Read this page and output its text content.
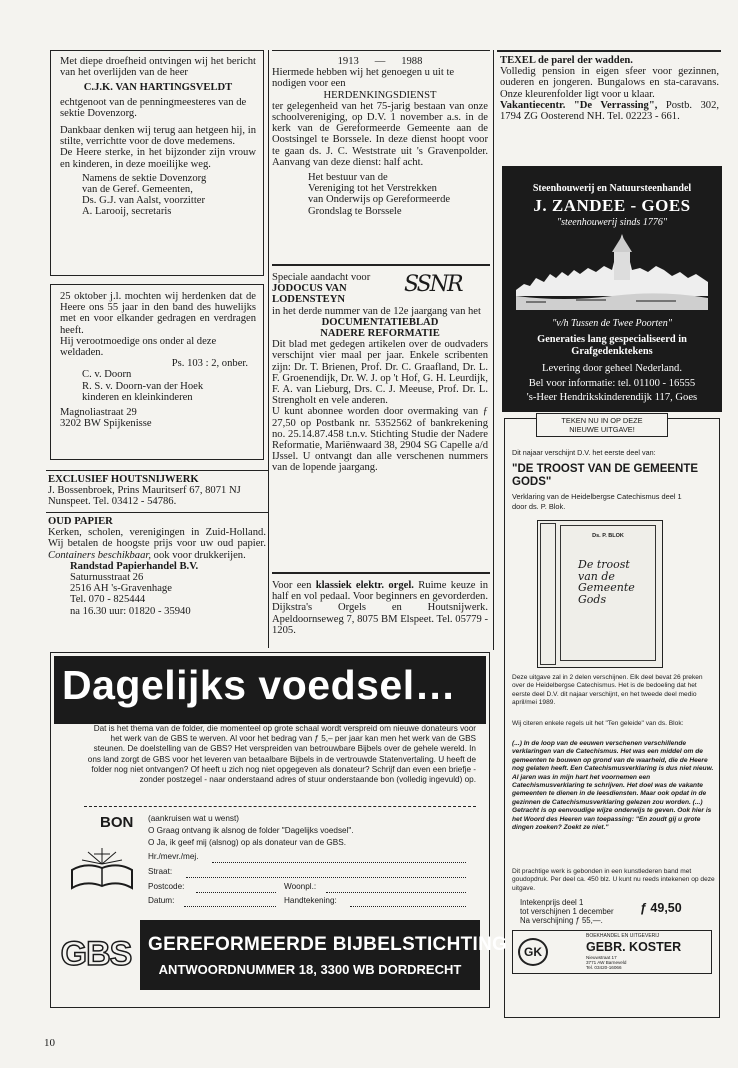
Met diepe droefheid ontvingen wij het bericht van het overlijden van de heer

C.J.K. VAN HARTINGSVELDT

echtgenoot van de penningmeesteres van de sektie Dovenzorg.

Dankbaar denken wij terug aan hetgeen hij, in stilte, verrichtte voor de dove medemens.

De Heere sterke, in het bijzonder zijn vrouw en kinderen, in deze moeilijke weg.

Namens de sektie Dovenzorg

van de Geref. Gemeenten,

Ds. G.J. van Aalst, voorzitter

A. Larooij, secretaris

25 oktober j.l. mochten wij herdenken dat de Heere ons 55 jaar in den band des huwelijks met en voor elkander gedragen en verdragen heeft.

Hij verootmoedige ons onder al deze weldaden.

Ps. 103 : 2, onber.

C. v. Doorn

R. S. v. Doorn-van der Hoek

kinderen en kleinkinderen

Magnoliastraat 29

3202 BW Spijkenisse

EXCLUSIEF HOUTSNIJWERK

J. Bossenbroek, Prins Mauritserf 67, 8071 NJ Nunspeet. Tel. 03412 - 54786.

OUD PAPIER

Kerken, scholen, verenigingen in Zuid-Holland. Wij betalen de hoogste prijs voor uw oud papier. Containers beschikbaar, ook voor drukkerijen.

Randstad Papierhandel B.V.

Saturnusstraat 26

2516 AH 's-Gravenhage

Tel. 070 - 825444

na 16.30 uur: 01820 - 35940

1913 — 1988

Hiermede hebben wij het genoegen u uit te nodigen voor een

HERDENKINGSDIENST

ter gelegenheid van het 75-jarig bestaan van onze schoolvereniging, op D.V. 1 november a.s. in de kerk van de Gereformeerde Gemeente aan de Oostsingel te Borssele. In deze dienst hoopt voor te gaan ds. J. C. Weststrate uit 's Gravenpolder. Aanvang van deze dienst: half acht.

Het bestuur van de

Vereniging tot het Verstrekken

van Onderwijs op Gereformeerde

Grondslag te Borssele

Speciale aandacht voor

JODOCUS VAN

LODENSTEYN

in het derde nummer van de 12e jaargang van het

DOCUMENTATIEBLAD

NADERE REFORMATIE

Dit blad met gedegen artikelen over de oudvaders verschijnt vier maal per jaar. Enkele scribenten zijn: Dr. T. Brienen, Prof. Dr. C. Graafland, Dr. L. F. Groenendijk, Dr. W. J. op 't Hof, G. H. Leurdijk, F. A. van Lieburg, Drs. C. J. Meeuse, Prof. Dr. L. Strengholt en vele anderen.

U kunt abonnee worden door overmaking van ƒ 27,50 op Postbank nr. 5352562 of bankrekening no. 25.14.87.458 t.n.v. Stichting Studie der Nadere Reformatie, Mariënwaard 38, 2904 SG Capelle a/d IJssel. U ontvangt dan alle verschenen nummers van de lopende jaargang.

SSNR
Voor een klassiek elektr. orgel. Ruime keuze in half en vol pedaal. Voor beginners en gevorderden. Dijkstra's Orgels en Houtsnijwerk. Apeldoornseweg 7, 8075 BM Elspeet. Tel. 05779 - 1205.

TEXEL de parel der wadden.

Volledig pension in eigen sfeer voor gezinnen, ouderen en jongeren. Bungalows en sta-caravans. Onze kleurenfolder ligt voor u klaar.

Vakantiecentr. "De Verrassing", Postb. 302, 1794 ZG Oosterend NH. Tel. 02223 - 661.

Steenhouwerij en Natuursteenhandel
J. ZANDEE - GOES
"steenhouwerij sinds 1776"
"v/h Tussen de Twee Poorten"
Generaties lang gespecialiseerd in
Grafgedenktekens
Levering door geheel Nederland.
Bel voor informatie: tel. 01100 - 16555
's-Heer Hendrikskinderendijk 117, Goes
TEKEN NU IN OP DEZE
NIEUWE UITGAVE!
Dit najaar verschijnt D.V. het eerste deel van:
"DE TROOST VAN DE GEMEENTE GODS"
Verklaring van de Heidelbergse Catechismus deel 1 door ds. P. Blok.
Ds. P. BLOK
De troost van de Gemeente Gods
Deze uitgave zal in 2 delen verschijnen. Elk deel bevat 26 preken over de Heidelbergse Catechismus. Het is de bedoeling dat het eerste deel D.V. dit najaar verschijnt, en het tweede deel medio april/mei 1989.
Wij citeren enkele regels uit het "Ten geleide" van ds. Blok:
(...) In de loop van de eeuwen verschenen verschillende verklaringen van de Catechismus. Het was een middel om de gemeenten te bouwen op grond van de waarheid, die de Heere nog gelaten heeft. Een Catechismusverklaring is dus niet nieuw. Al jaren was in mijn hart het voornemen een Catechismusverklaring te schrijven. Het doel was de vakante gemeenten te dienen in de leesdiensten. Maar ook opdat in de gezinnen de Catechismusverklaring gelezen zou worden. (...) Getracht is op eenvoudige wijze onderwijs te geven. Ook hier is het Woord des Heeren van toepassing: "En zoudt gij u grote dingen zoeken? Zoekt ze niet."
Dit prachtige werk is gebonden in een kunstlederen band met goudopdruk. Per deel ca. 450 blz. U kunt nu reeds intekenen op deze uitgave.
Intekenprijs deel 1
tot verschijnen 1 december ƒ 49,50
Na verschijning ƒ 55,—.
GK
BOEKHANDEL EN UITGEVERIJ
GEBR. KOSTER
Nieuwstraat 17
3771 AW Barneveld
Tel. 03420-16066
Dagelijks voedsel…
Dat is het thema van de folder, die momenteel op grote schaal wordt verspreid om nieuwe donateurs voor het werk van de GBS te werven. Al voor het bedrag van ƒ 5,– per jaar kan men het werk van de GBS steunen. De doelstelling van de GBS? Het verspreiden van betrouwbare Bijbels over de gehele wereld. In ons land zorgt de GBS voor het leveren van betaalbare Bijbels in de vertrouwde Statenvertaling. U heeft de folder nog niet ontvangen? Of heeft u zich nog niet opgegeven als donateur? Schrijf dan even een briefje - zonder postzegel - naar onderstaand adres of stuur onderstaande bon (volledig ingevuld) op.
BON (aankruisen wat u wenst)
O Graag ontvang ik alsnog de folder "Dagelijks voedsel".
O Ja, ik geef mij (alsnog) op als donateur van de GBS.
Hr./mevr./mej.
Straat:
Postcode:	Woonpl.:
Datum:	Handtekening:
GBS GEREFORMEERDE BIJBELSTICHTING
ANTWOORDNUMMER 18, 3300 WB DORDRECHT
10
